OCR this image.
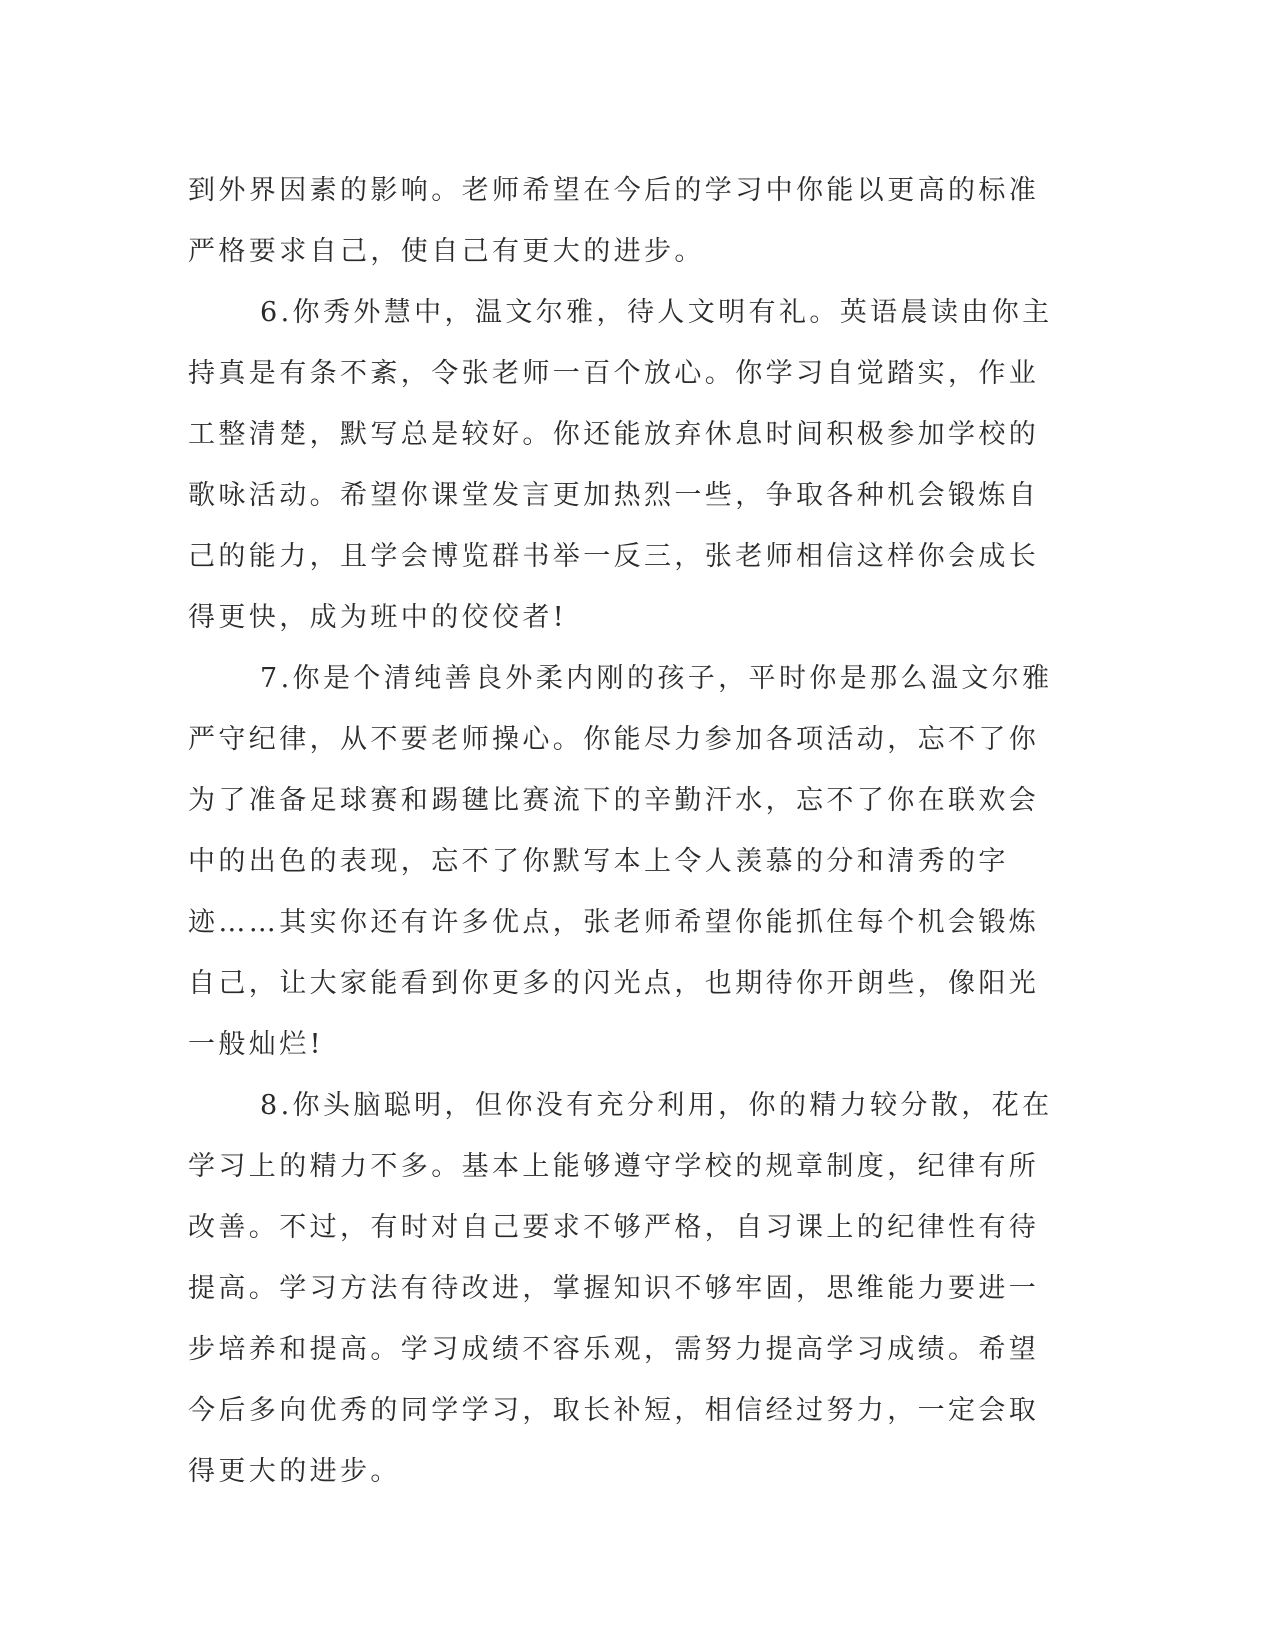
到外界因素的影响。老师希望在今后的学习中你能以更高的标准严格要求自己，使自己有更大的进步。

6.你秀外慧中，温文尔雅，待人文明有礼。英语晨读由你主持真是有条不紊，令张老师一百个放心。你学习自觉踏实，作业工整清楚，默写总是较好。你还能放弃休息时间积极参加学校的歌咏活动。希望你课堂发言更加热烈一些，争取各种机会锻炼自己的能力，且学会博览群书举一反三，张老师相信这样你会成长得更快，成为班中的佼佼者!

7.你是个清纯善良外柔内刚的孩子，平时你是那么温文尔雅严守纪律，从不要老师操心。你能尽力参加各项活动，忘不了你为了准备足球赛和踢毽比赛流下的辛勤汗水，忘不了你在联欢会中的出色的表现，忘不了你默写本上令人羡慕的分和清秀的字迹……其实你还有许多优点，张老师希望你能抓住每个机会锻炼自己，让大家能看到你更多的闪光点，也期待你开朗些，像阳光一般灿烂!

8.你头脑聪明，但你没有充分利用，你的精力较分散，花在学习上的精力不多。基本上能够遵守学校的规章制度，纪律有所改善。不过，有时对自己要求不够严格，自习课上的纪律性有待提高。学习方法有待改进，掌握知识不够牢固，思维能力要进一步培养和提高。学习成绩不容乐观，需努力提高学习成绩。希望今后多向优秀的同学学习，取长补短，相信经过努力，一定会取得更大的进步。
